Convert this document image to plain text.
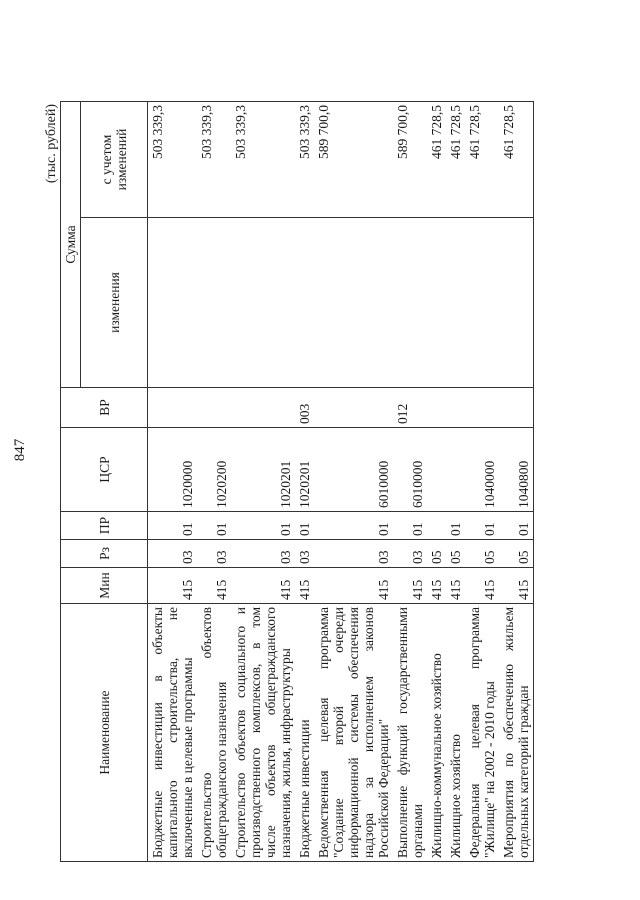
847
(тыс. рублей)
Наименование	Мин	Рз	ПР	ЦСР	ВР	Сумма	
						изменения	с учетом изменений
Бюджетные инвестиции в объекты капитального строительства, не включенные в целевые программы	415	03	01	1020000			503 339,3
Строительство объектов общегражданского назначения	415	03	01	1020200			503 339,3
Строительство объектов социального и производственного комплексов, в том числе объектов общегражданского назначения, жилья, инфраструктуры	415	03	01	1020201			503 339,3
Бюджетные инвестиции	415	03	01	1020201	003		503 339,3
Ведомственная целевая программа "Создание второй очереди информационной системы обеспечения надзора за исполнением законов Российской Федерации"	415	03	01	6010000			589 700,0
Выполнение функций государственными органами	415	03	01	6010000	012		589 700,0
Жилищно-коммунальное хозяйство	415	05					461 728,5
Жилищное хозяйство	415	05	01				461 728,5
Федеральная целевая программа "Жилище" на 2002 - 2010 годы	415	05	01	1040000			461 728,5
Мероприятия по обеспечению жильем отдельных категорий граждан	415	05	01	1040800			461 728,5
